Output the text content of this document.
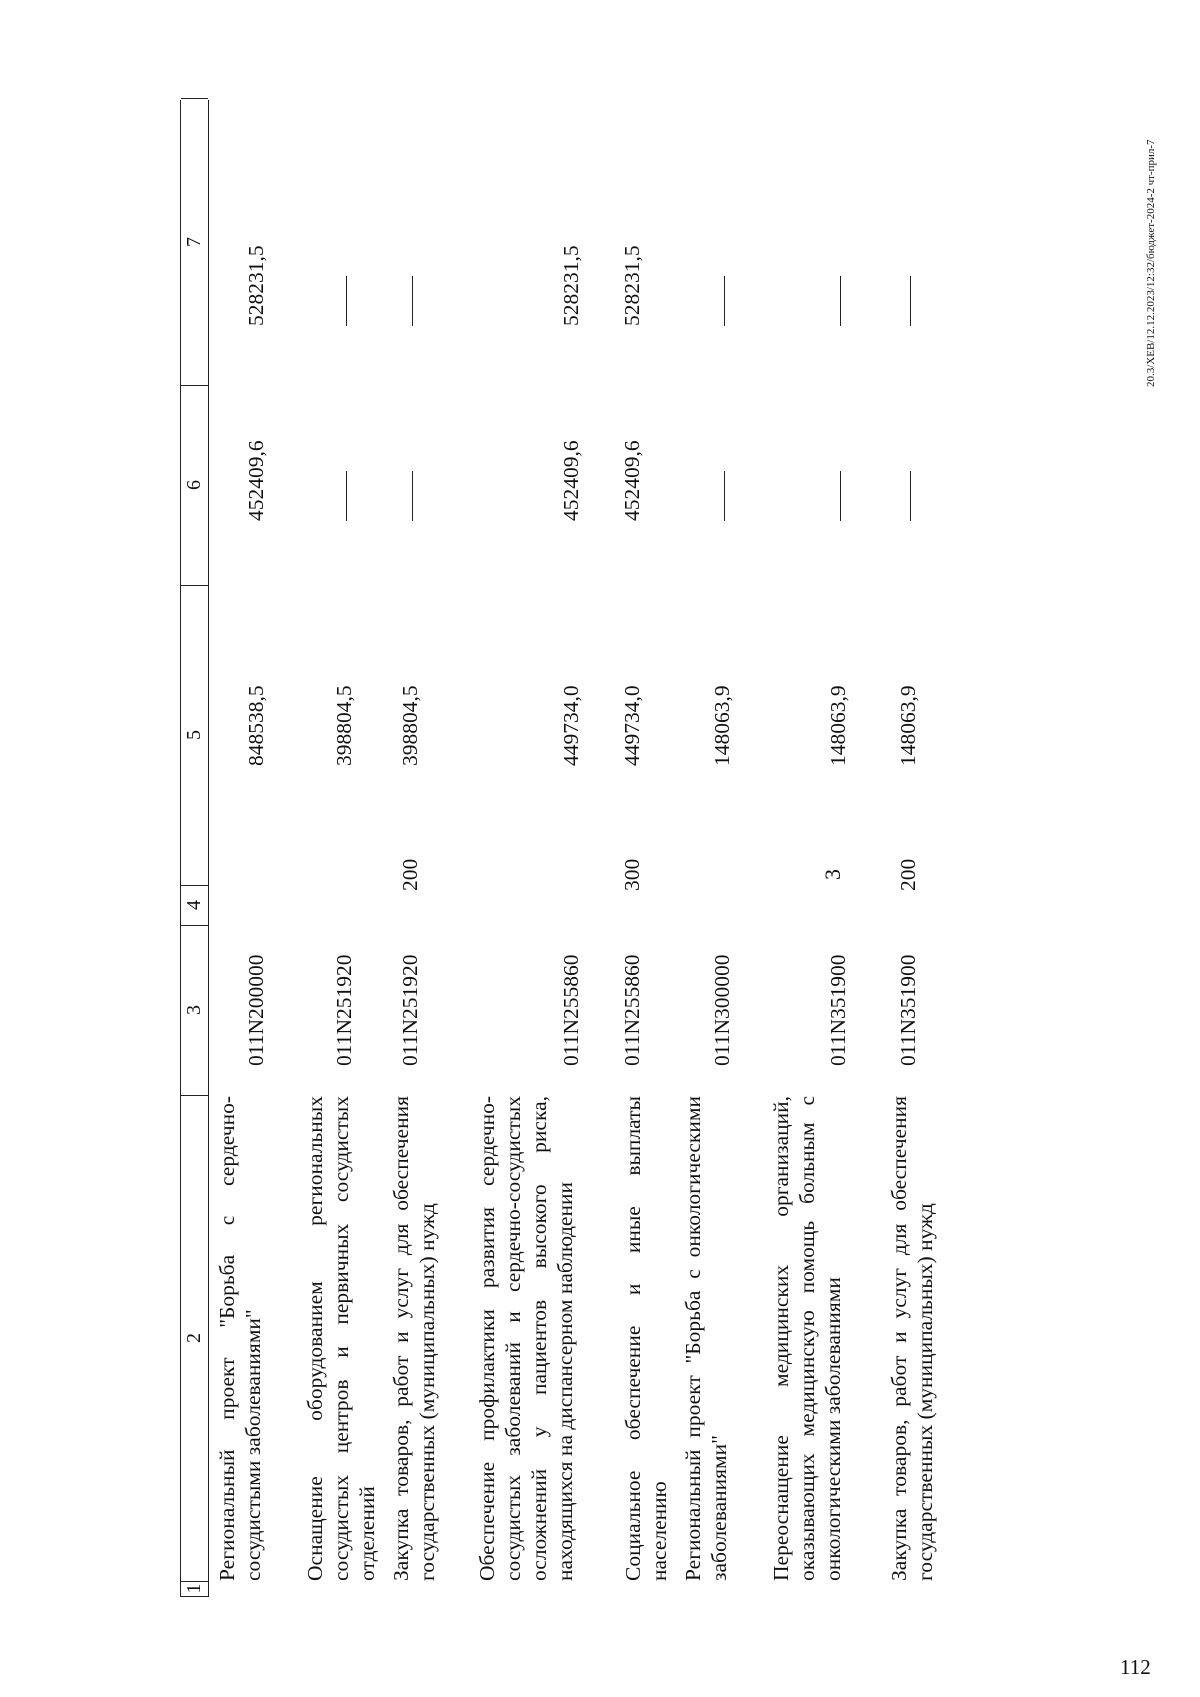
3
1
2
3
4
5
6
7
Региональный проект "Борьба с сердечно-сосудистыми заболеваниями"
011N200000
848538,5
452409,6
528231,5
Оснащение оборудованием региональных сосудистых центров и первичных сосудистых отделений
011N251920
398804,5
Закупка товаров, работ и услуг для обеспечения государственных (муниципальных) нужд
011N251920
200
398804,5
Обеспечение профилактики развития сердечно-сосудистых заболеваний и сердечно-сосудистых осложнений у пациентов высокого риска, находящихся на диспансерном наблюдении
011N255860
449734,0
452409,6
528231,5
Социальное обеспечение и иные выплаты населению
011N255860
300
449734,0
452409,6
528231,5
Региональный проект "Борьба с онкологическими заболеваниями"
011N300000
148063,9
Переоснащение медицинских организаций, оказывающих медицинскую помощь больным с онкологическими заболеваниями
011N351900
148063,9
Закупка товаров, работ и услуг для обеспечения государственных (муниципальных) нужд
011N351900
200
148063,9
20.3/ХЕВ/12.12.2023/12:32/бюджет-2024-2 чт-прил-7
112
